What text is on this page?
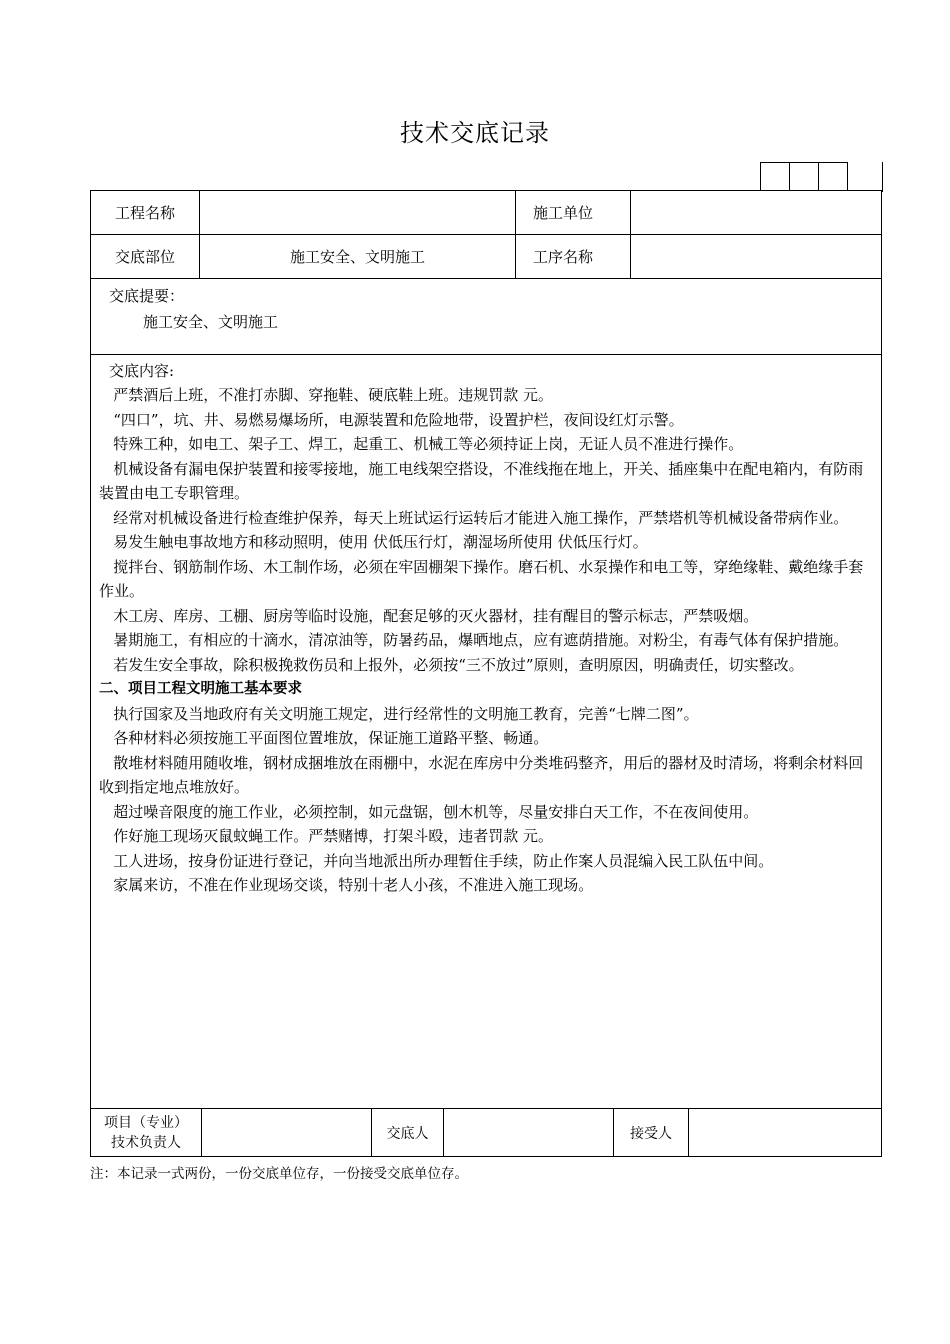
技术交底记录
工程名称	施工单位
交底部位	施工安全、文明施工	工序名称
交底提要：
施工安全、文明施工
交底内容:

严禁酒后上班，不准打赤脚、穿拖鞋、硬底鞋上班。违规罚款 元。

“四口”，坑、井、易燃易爆场所，电源装置和危险地带，设置护栏，夜间设红灯示警。

特殊工种，如电工、架子工、焊工，起重工、机械工等必须持证上岗，无证人员不准进行操作。

机械设备有漏电保护装置和接零接地，施工电线架空搭设，不准线拖在地上，开关、插座集中在配电箱内，有防雨装置由电工专职管理。

经常对机械设备进行检查维护保养，每天上班试运行运转后才能进入施工操作，严禁塔机等机械设备带病作业。

易发生触电事故地方和移动照明，使用 伏低压行灯，潮湿场所使用 伏低压行灯。

搅拌台、钢筋制作场、木工制作场，必须在牢固棚架下操作。磨石机、水泵操作和电工等，穿绝缘鞋、戴绝缘手套作业。

木工房、库房、工棚、厨房等临时设施，配套足够的灭火器材，挂有醒目的警示标志，严禁吸烟。

暑期施工，有相应的十滴水，清凉油等，防暑药品，爆晒地点，应有遮荫措施。对粉尘，有毒气体有保护措施。

若发生安全事故，除积极挽救伤员和上报外，必须按“三不放过”原则，查明原因，明确责任，切实整改。

二、项目工程文明施工基本要求

执行国家及当地政府有关文明施工规定，进行经常性的文明施工教育，完善“七牌二图”。

各种材料必须按施工平面图位置堆放，保证施工道路平整、畅通。

散堆材料随用随收堆，钢材成捆堆放在雨棚中，水泥在库房中分类堆码整齐，用后的器材及时清场，将剩余材料回收到指定地点堆放好。

超过噪音限度的施工作业，必须控制，如元盘锯，刨木机等，尽量安排白天工作，不在夜间使用。

作好施工现场灭鼠蚊蝇工作。严禁赌博，打架斗殴，违者罚款 元。

工人进场，按身份证进行登记，并向当地派出所办理暂住手续，防止作案人员混编入民工队伍中间。

家属来访，不准在作业现场交谈，特别十老人小孩，不准进入施工现场。

项目（专业）
技术负责人
交底人	接受人
注：本记录一式两份，一份交底单位存，一份接受交底单位存。
